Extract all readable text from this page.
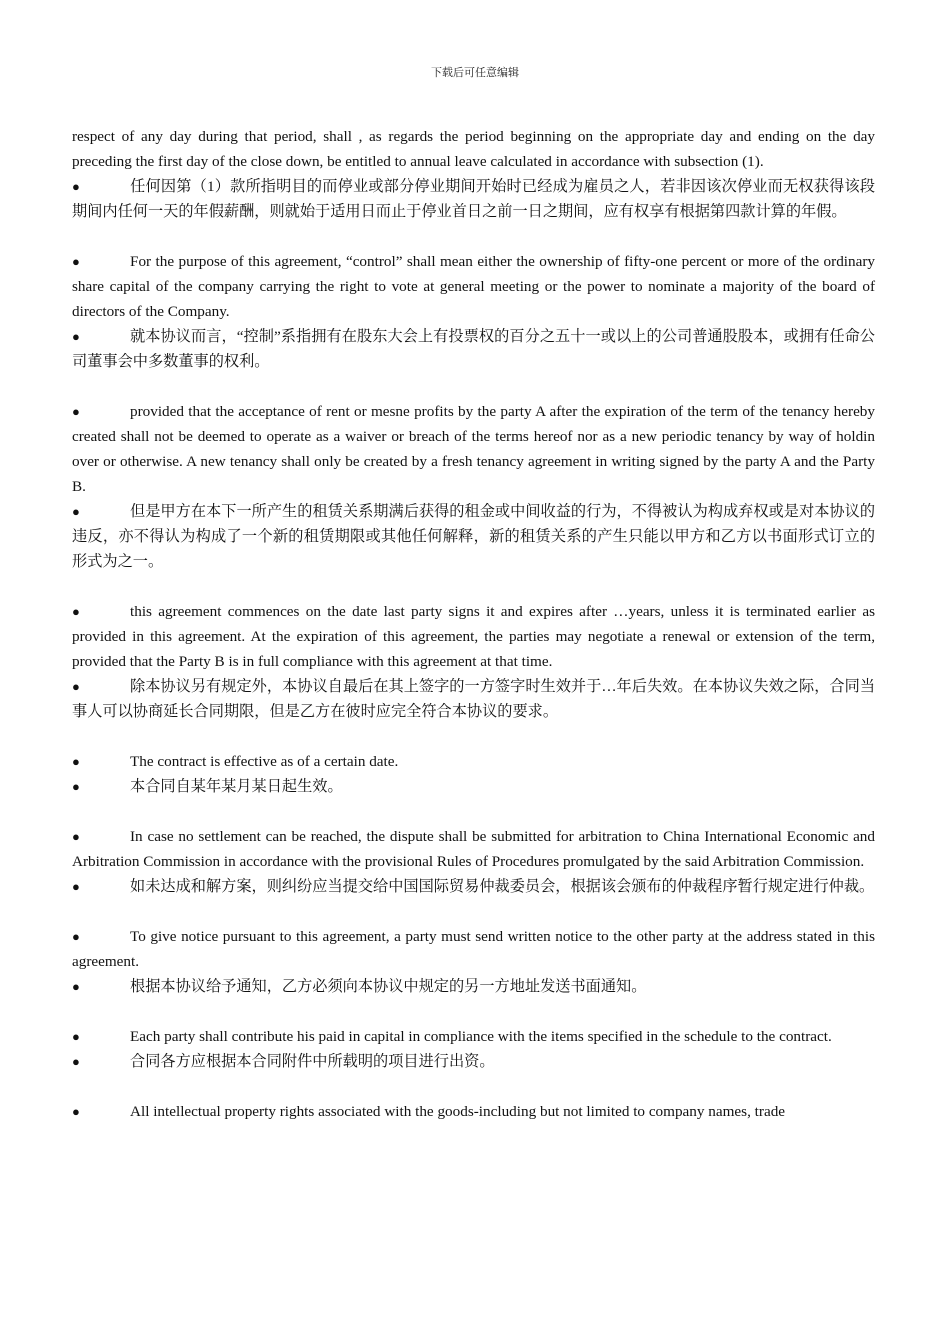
下载后可任意编辑

respect of any day during that period, shall , as regards the period beginning on the appropriate day and ending on the day preceding the first day of the close down, be entitled to annual leave calculated in accordance with subsection (1).

●	任何因第（1）款所指明目的而停业或部分停业期间开始时已经成为雇员之人，若非因该次停业而无权获得该段期间内任何一天的年假薪酬，则就始于适用日而止于停业首日之前一日之期间，应有权享有根据第四款计算的年假。

●	For the purpose of this agreement, “control” shall mean either the ownership of fifty-one percent or more of the ordinary share capital of the company carrying the right to vote at general meeting or the power to nominate a majority of the board of directors of the Company.

●	就本协议而言，“控制”系指拥有在股东大会上有投票权的百分之五十一或以上的公司普通股股本，或拥有任命公司董事会中多数董事的权利。

●	provided that the acceptance of rent or mesne profits by the party A after the expiration of the term of the tenancy hereby created shall not be deemed to operate as a waiver or breach of the terms hereof nor as a new periodic tenancy by way of holdin over or otherwise. A new tenancy shall only be created by a fresh tenancy agreement in writing signed by the party A and the Party B.

●	但是甲方在本下一所产生的租赁关系期满后获得的租金或中间收益的行为，不得被认为构成弃权或是对本协议的违反，亦不得认为构成了一个新的租赁期限或其他任何解释，新的租赁关系的产生只能以甲方和乙方以书面形式订立的形式为之一。

●	this agreement commences on the date last party signs it and expires after …years, unless it is terminated earlier as provided in this agreement. At the expiration of this agreement, the parties may negotiate a renewal or extension of the term, provided that the Party B is in full compliance with this agreement at that time.

●	除本协议另有规定外，本协议自最后在其上签字的一方签字时生效并于…年后失效。在本协议失效之际，合同当事人可以协商延长合同期限，但是乙方在彼时应完全符合本协议的要求。

●	The contract is effective as of a certain date.

●	本合同自某年某月某日起生效。

●	In case no settlement can be reached, the dispute shall be submitted for arbitration to China International Economic and Arbitration Commission in accordance with the provisional Rules of Procedures promulgated by the said Arbitration Commission.

●	如未达成和解方案，则纠纷应当提交给中国国际贸易仲裁委员会，根据该会颁布的仲裁程序暂行规定进行仲裁。

●	To give notice pursuant to this agreement, a party must send written notice to the other party at the address stated in this agreement.

●	根据本协议给予通知，乙方必须向本协议中规定的另一方地址发送书面通知。

●	Each party shall contribute his paid in capital in compliance with the items specified in the schedule to the contract.

●	合同各方应根据本合同附件中所载明的项目进行出资。

●	All intellectual property rights associated with the goods-including but not limited to company names, trade
